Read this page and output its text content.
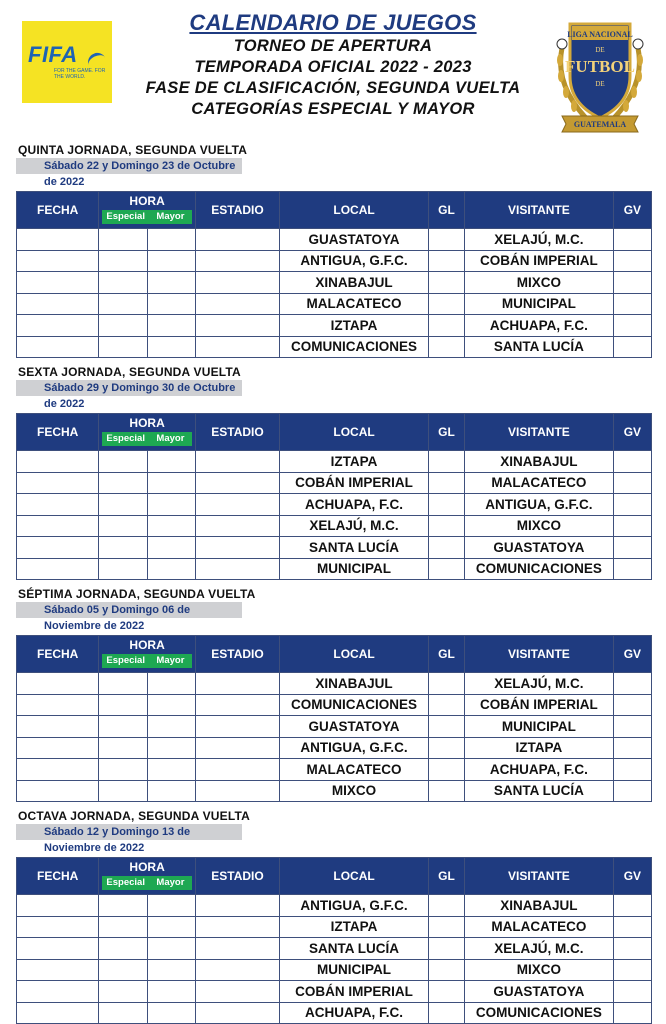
FIFA
FOR THE GAME. FOR THE WORLD.
CALENDARIO DE JUEGOS
TORNEO DE APERTURA
TEMPORADA OFICIAL 2022 - 2023
FASE DE CLASIFICACIÓN, SEGUNDA VUELTA
CATEGORÍAS ESPECIAL Y MAYOR
LIGA NACIONAL
DE
FUTBOL
DE
GUATEMALA
QUINTA JORNADA, SEGUNDA VUELTA
Sábado 22 y Domingo 23 de Octubre de 2022
FECHA	HORA
Especial Mayor		ESTADIO	LOCAL	GL	VISITANTE	GV
				GUASTATOYA		XELAJÚ, M.C.	
				ANTIGUA, G.F.C.		COBÁN IMPERIAL	
				XINABAJUL		MIXCO	
				MALACATECO		MUNICIPAL	
				IZTAPA		ACHUAPA, F.C.	
				COMUNICACIONES		SANTA LUCÍA	
SEXTA JORNADA, SEGUNDA VUELTA
Sábado 29 y Domingo 30 de Octubre de 2022
FECHA	HORA
Especial Mayor		ESTADIO	LOCAL	GL	VISITANTE	GV
				IZTAPA		XINABAJUL	
				COBÁN IMPERIAL		MALACATECO	
				ACHUAPA, F.C.		ANTIGUA, G.F.C.	
				XELAJÚ, M.C.		MIXCO	
				SANTA LUCÍA		GUASTATOYA	
				MUNICIPAL		COMUNICACIONES	
SÉPTIMA JORNADA, SEGUNDA VUELTA
Sábado 05 y Domingo 06 de Noviembre de 2022
FECHA	HORA
Especial Mayor		ESTADIO	LOCAL	GL	VISITANTE	GV
				XINABAJUL		XELAJÚ, M.C.	
				COMUNICACIONES		COBÁN IMPERIAL	
				GUASTATOYA		MUNICIPAL	
				ANTIGUA, G.F.C.		IZTAPA	
				MALACATECO		ACHUAPA, F.C.	
				MIXCO		SANTA LUCÍA	
OCTAVA JORNADA, SEGUNDA VUELTA
Sábado 12 y Domingo 13 de Noviembre de 2022
FECHA	HORA
Especial Mayor		ESTADIO	LOCAL	GL	VISITANTE	GV
				ANTIGUA, G.F.C.		XINABAJUL	
				IZTAPA		MALACATECO	
				SANTA LUCÍA		XELAJÚ, M.C.	
				MUNICIPAL		MIXCO	
				COBÁN IMPERIAL		GUASTATOYA	
				ACHUAPA, F.C.		COMUNICACIONES	
